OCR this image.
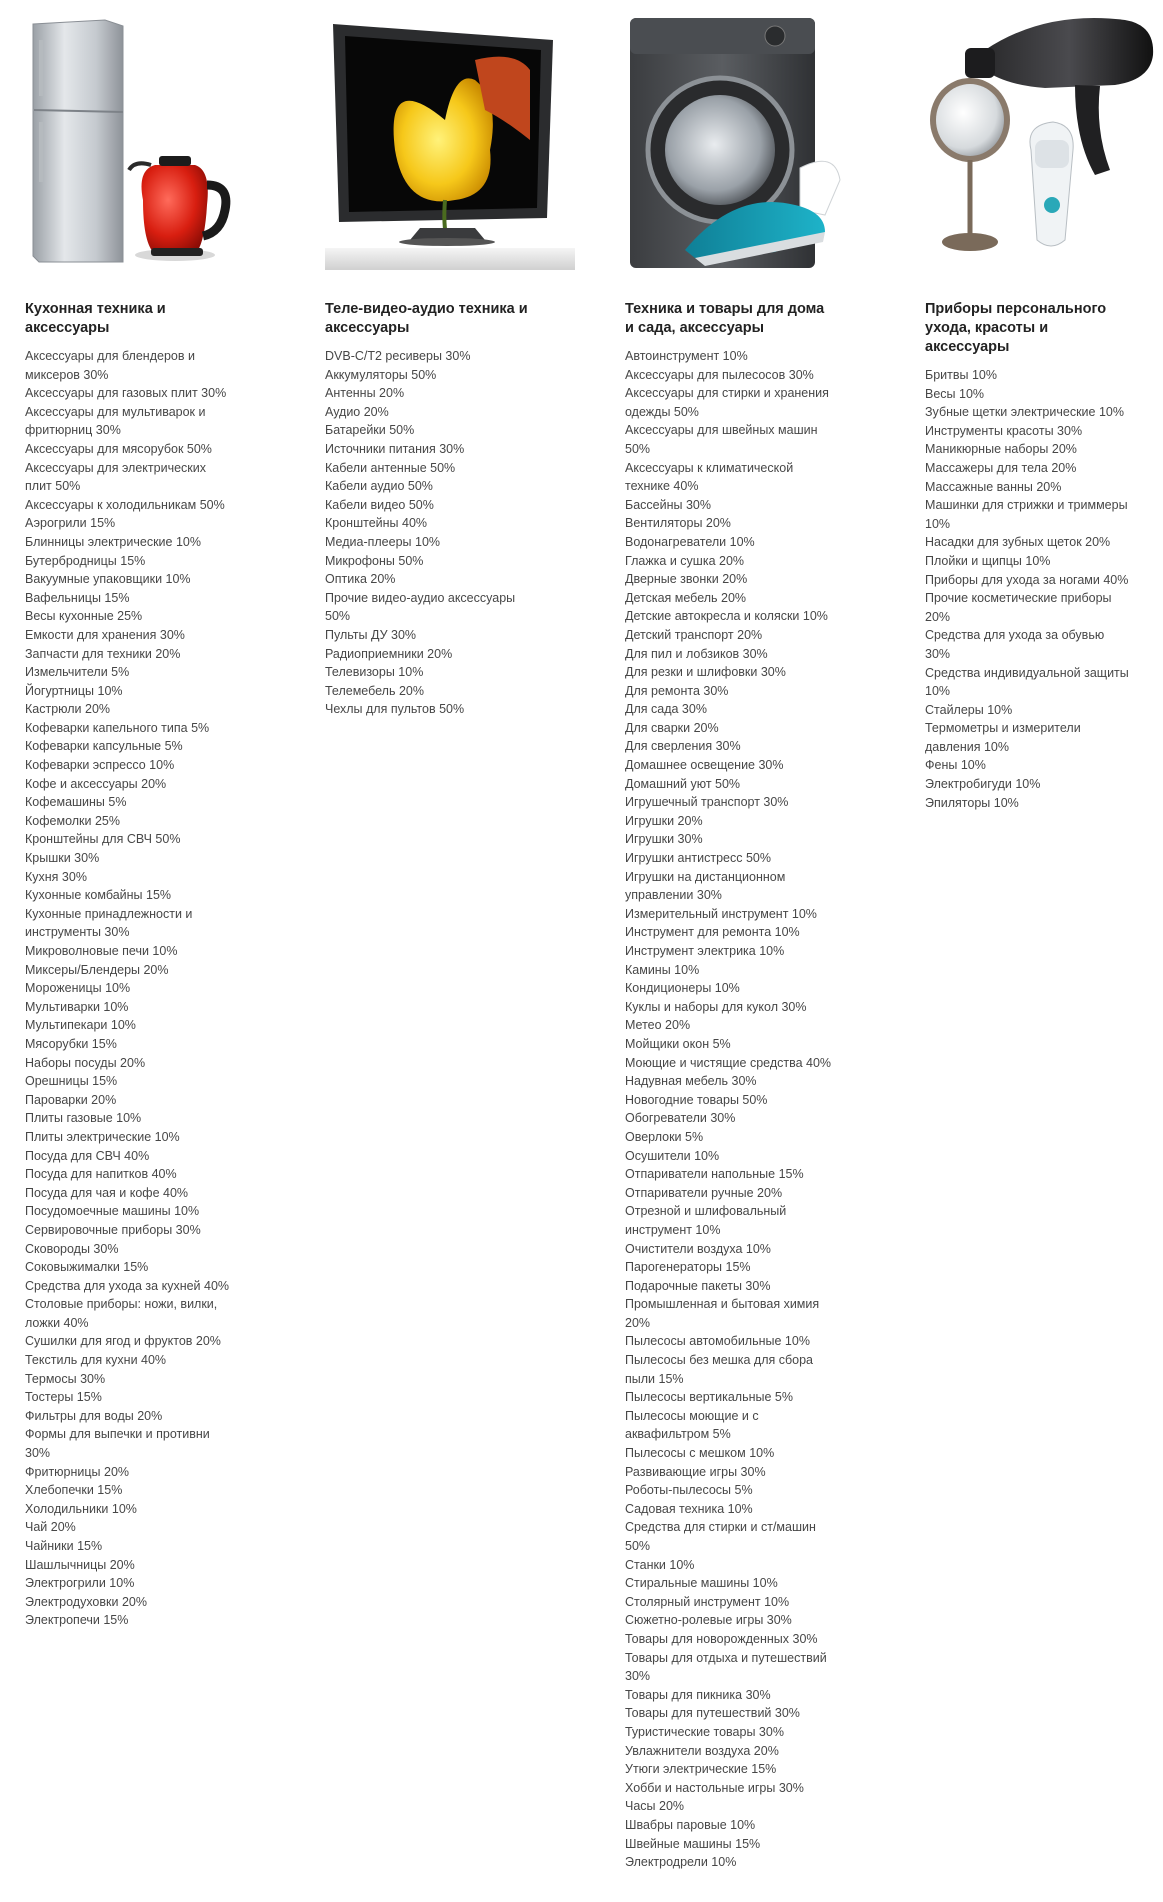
Кухонная техника и аксессуары
Аксессуары для блендеров и миксеров 30%
Аксессуары для газовых плит 30%
Аксессуары для мультиварок и фритюрниц 30%
Аксессуары для мясорубок 50%
Аксессуары для электрических плит 50%
Аксессуары к холодильникам 50%
Аэрогрили 15%
Блинницы электрические 10%
Бутербродницы 15%
Вакуумные упаковщики 10%
Вафельницы 15%
Весы кухонные 25%
Емкости для хранения 30%
Запчасти для техники 20%
Измельчители 5%
Йогуртницы 10%
Кастрюли 20%
Кофеварки капельного типа 5%
Кофеварки капсульные 5%
Кофеварки эспрессо 10%
Кофе и аксессуары 20%
Кофемашины 5%
Кофемолки 25%
Кронштейны для СВЧ 50%
Крышки 30%
Кухня 30%
Кухонные комбайны 15%
Кухонные принадлежности и инструменты 30%
Микроволновые печи 10%
Миксеры/Блендеры 20%
Мороженицы 10%
Мультиварки 10%
Мультипекари 10%
Мясорубки 15%
Наборы посуды 20%
Орешницы 15%
Пароварки 20%
Плиты газовые 10%
Плиты электрические 10%
Посуда для СВЧ 40%
Посуда для напитков 40%
Посуда для чая и кофе 40%
Посудомоечные машины 10%
Сервировочные приборы 30%
Сковороды 30%
Соковыжималки 15%
Средства для ухода за кухней 40%
Столовые приборы: ножи, вилки, ложки 40%
Сушилки для ягод и фруктов 20%
Текстиль для кухни 40%
Термосы 30%
Тостеры 15%
Фильтры для воды 20%
Формы для выпечки и противни 30%
Фритюрницы 20%
Хлебопечки 15%
Холодильники 10%
Чай 20%
Чайники 15%
Шашлычницы 20%
Электрогрили 10%
Электродуховки 20%
Электропечи 15%
Теле-видео-аудио техника и аксессуары
DVB-C/T2 ресиверы 30%
Аккумуляторы 50%
Антенны 20%
Аудио 20%
Батарейки 50%
Источники питания 30%
Кабели антенные 50%
Кабели аудио 50%
Кабели видео 50%
Кронштейны 40%
Медиа-плееры 10%
Микрофоны 50%
Оптика 20%
Прочие видео-аудио аксессуары 50%
Пульты ДУ 30%
Радиоприемники 20%
Телевизоры 10%
Телемебель 20%
Чехлы для пультов 50%
Техника и товары для дома и сада, аксессуары
Автоинструмент 10%
Аксессуары для пылесосов 30%
Аксессуары для стирки и хранения одежды 50%
Аксессуары для швейных машин 50%
Аксессуары к климатической технике 40%
Бассейны 30%
Вентиляторы 20%
Водонагреватели 10%
Глажка и сушка 20%
Дверные звонки 20%
Детская мебель 20%
Детские автокресла и коляски 10%
Детский транспорт 20%
Для пил и лобзиков 30%
Для резки и шлифовки 30%
Для ремонта 30%
Для сада 30%
Для сварки 20%
Для сверления 30%
Домашнее освещение 30%
Домашний уют 50%
Игрушечный транспорт 30%
Игрушки 20%
Игрушки 30%
Игрушки антистресс 50%
Игрушки на дистанционном управлении 30%
Измерительный инструмент 10%
Инструмент для ремонта 10%
Инструмент электрика 10%
Камины 10%
Кондиционеры 10%
Куклы и наборы для кукол 30%
Метео 20%
Мойщики окон 5%
Моющие и чистящие средства 40%
Надувная мебель 30%
Новогодние товары 50%
Обогреватели 30%
Оверлоки 5%
Осушители 10%
Отпариватели напольные 15%
Отпариватели ручные 20%
Отрезной и шлифовальный инструмент 10%
Очистители воздуха 10%
Парогенераторы 15%
Подарочные пакеты 30%
Промышленная и бытовая химия 20%
Пылесосы автомобильные 10%
Пылесосы без мешка для сбора пыли 15%
Пылесосы вертикальные 5%
Пылесосы моющие и с аквафильтром 5%
Пылесосы с мешком 10%
Развивающие игры 30%
Роботы-пылесосы 5%
Садовая техника 10%
Средства для стирки и ст/машин 50%
Станки 10%
Стиральные машины 10%
Столярный инструмент 10%
Сюжетно-ролевые игры 30%
Товары для новорожденных 30%
Товары для отдыха и путешествий 30%
Товары для пикника 30%
Товары для путешествий 30%
Туристические товары 30%
Увлажнители воздуха 20%
Утюги электрические 15%
Хобби и настольные игры 30%
Часы 20%
Швабры паровые 10%
Швейные машины 15%
Электродрели 10%
Приборы персонального ухода, красоты и аксессуары
Бритвы 10%
Весы 10%
Зубные щетки электрические 10%
Инструменты красоты 30%
Маникюрные наборы 20%
Массажеры для тела 20%
Массажные ванны 20%
Машинки для стрижки и триммеры 10%
Насадки для зубных щеток 20%
Плойки и щипцы 10%
Приборы для ухода за ногами 40%
Прочие косметические приборы 20%
Средства для ухода за обувью 30%
Средства индивидуальной защиты 10%
Стайлеры 10%
Термометры и измерители давления 10%
Фены 10%
Электробигуди 10%
Эпиляторы 10%
